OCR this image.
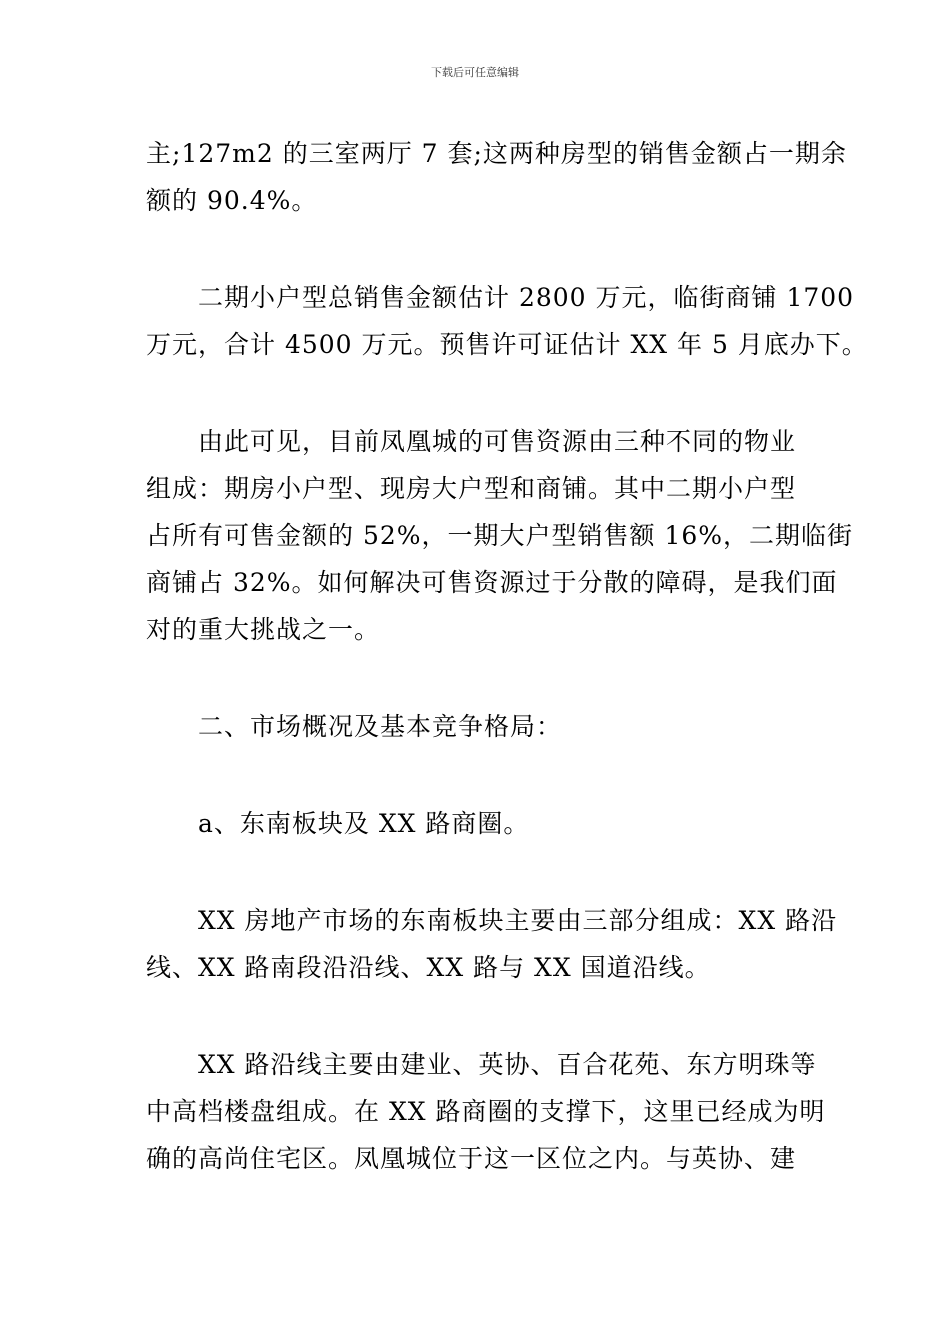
下载后可任意编辑

主;127m2 的三室两厅 7 套;这两种房型的销售金额占一期余
额的 90.4%。

二期小户型总销售金额估计 2800 万元，临街商铺 1700
万元，合计 4500 万元。预售许可证估计 XX 年 5 月底办下。

由此可见，目前凤凰城的可售资源由三种不同的物业
组成：期房小户型、现房大户型和商铺。其中二期小户型
占所有可售金额的 52%，一期大户型销售额 16%，二期临街
商铺占 32%。如何解决可售资源过于分散的障碍，是我们面
对的重大挑战之一。

二、市场概况及基本竞争格局：

a、东南板块及 XX 路商圈。

XX 房地产市场的东南板块主要由三部分组成：XX 路沿
线、XX 路南段沿沿线、XX 路与 XX 国道沿线。

XX 路沿线主要由建业、英协、百合花苑、东方明珠等
中高档楼盘组成。在 XX 路商圈的支撑下，这里已经成为明
确的高尚住宅区。凤凰城位于这一区位之内。与英协、建
